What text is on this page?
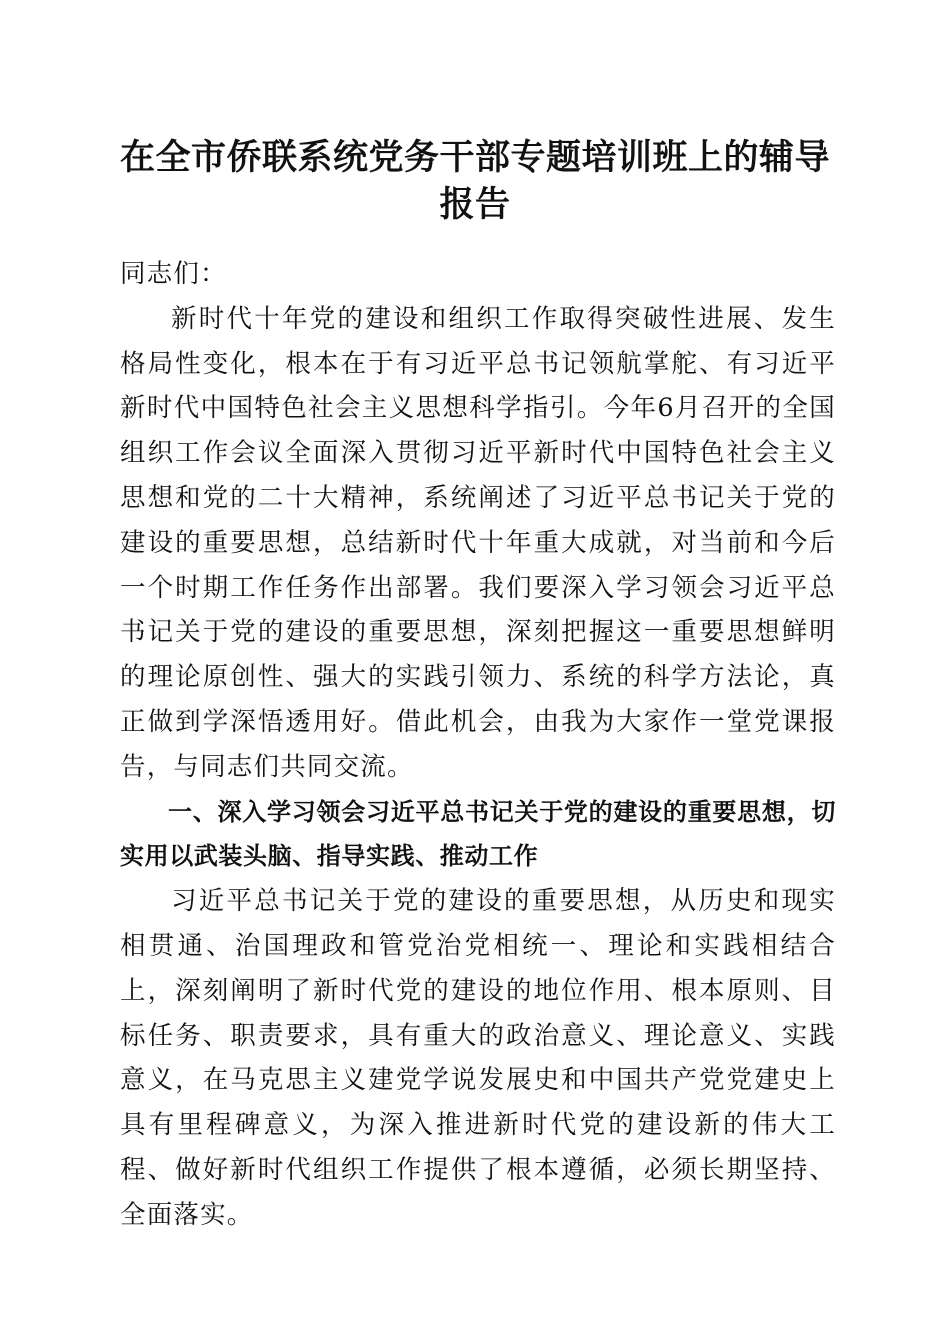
在全市侨联系统党务干部专题培训班上的辅导
报告
同志们：

新时代十年党的建设和组织工作取得突破性进展、发生格局性变化，根本在于有习近平总书记领航掌舵、有习近平新时代中国特色社会主义思想科学指引。今年6月召开的全国组织工作会议全面深入贯彻习近平新时代中国特色社会主义思想和党的二十大精神，系统阐述了习近平总书记关于党的建设的重要思想，总结新时代十年重大成就，对当前和今后一个时期工作任务作出部署。我们要深入学习领会习近平总书记关于党的建设的重要思想，深刻把握这一重要思想鲜明的理论原创性、强大的实践引领力、系统的科学方法论，真正做到学深悟透用好。借此机会，由我为大家作一堂党课报告，与同志们共同交流。

一、深入学习领会习近平总书记关于党的建设的重要思想，切实用以武装头脑、指导实践、推动工作

习近平总书记关于党的建设的重要思想，从历史和现实相贯通、治国理政和管党治党相统一、理论和实践相结合上，深刻阐明了新时代党的建设的地位作用、根本原则、目标任务、职责要求，具有重大的政治意义、理论意义、实践意义，在马克思主义建党学说发展史和中国共产党党建史上具有里程碑意义，为深入推进新时代党的建设新的伟大工程、做好新时代组织工作提供了根本遵循，必须长期坚持、全面落实。
